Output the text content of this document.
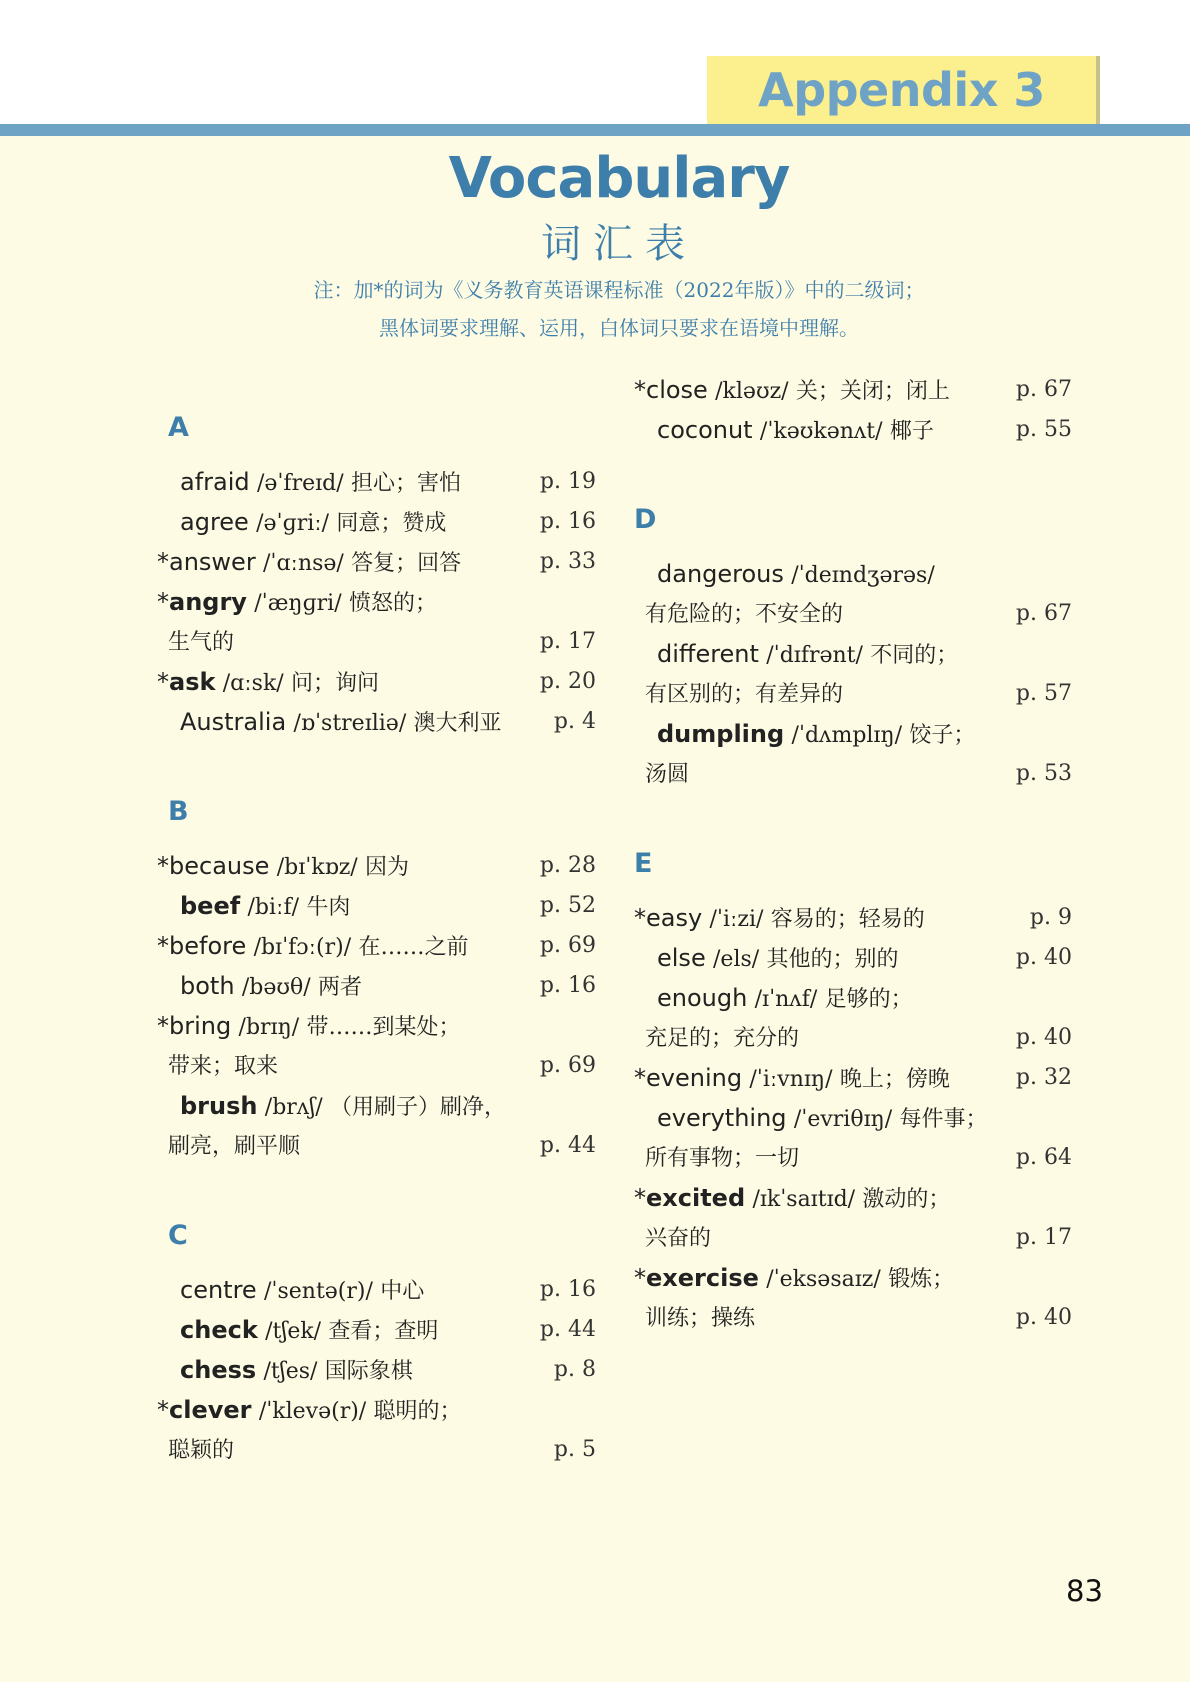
Appendix 3
Vocabulary
词汇表
注：加*的词为《义务教育英语课程标准（2022年版）》中的二级词；
黑体词要求理解、运用，白体词只要求在语境中理解。
A
afraid /əˈfreɪd/ 担心；害怕	p. 19
agree /əˈɡriː/ 同意；赞成	p. 16
*answer /ˈɑːnsə/ 答复；回答	p. 33
*angry /ˈæŋɡri/ 愤怒的；
生气的	p. 17
*ask /ɑːsk/ 问；询问	p. 20
Australia /ɒˈstreɪliə/ 澳大利亚 p. 4
B
*because /bɪˈkɒz/ 因为	p. 28
beef /biːf/ 牛肉	p. 52
*before /bɪˈfɔː(r)/ 在……之前	p. 69
both /bəʊθ/ 两者	p. 16
*bring /brɪŋ/ 带……到某处；
带来；取来	p. 69
brush /brʌʃ/ （用刷子）刷净，
刷亮，刷平顺	p. 44
C
centre /ˈsentə(r)/ 中心	p. 16
check /tʃek/ 查看；查明	p. 44
chess /tʃes/ 国际象棋	p. 8
*clever /ˈklevə(r)/ 聪明的；
聪颖的	p. 5
*close /kləʊz/ 关；关闭；闭上	p. 67
coconut /ˈkəʊkənʌt/ 椰子	p. 55
D
dangerous /ˈdeɪndʒərəs/
有危险的；不安全的	p. 67
different /ˈdɪfrənt/ 不同的；
有区别的；有差异的	p. 57
dumpling /ˈdʌmplɪŋ/ 饺子；
汤圆	p. 53
E
*easy /ˈiːzi/ 容易的；轻易的	p. 9
else /els/ 其他的；别的	p. 40
enough /ɪˈnʌf/ 足够的；
充足的；充分的	p. 40
*evening /ˈiːvnɪŋ/ 晚上；傍晚	p. 32
everything /ˈevriθɪŋ/ 每件事；
所有事物；一切	p. 64
*excited /ɪkˈsaɪtɪd/ 激动的；
兴奋的	p. 17
*exercise /ˈeksəsaɪz/ 锻炼；
训练；操练	p. 40
83
